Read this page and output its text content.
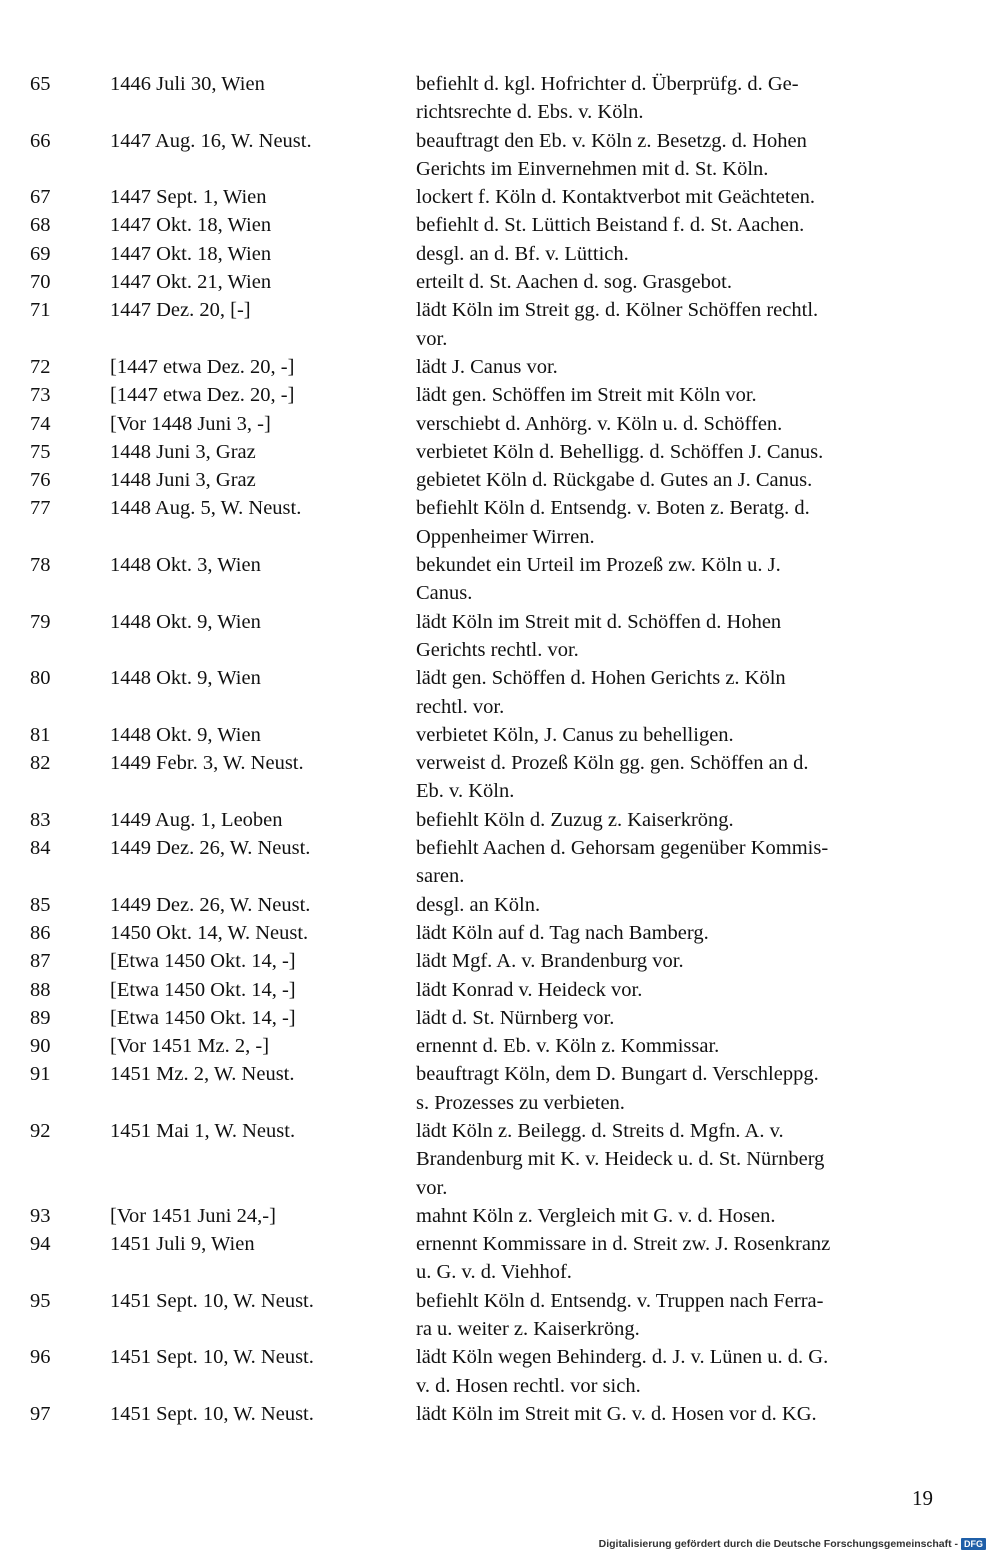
65	1446 Juli 30, Wien	befiehlt d. kgl. Hofrichter d. Überprüfg. d. Ge-
richtsrechte d. Ebs. v. Köln.
66	1447 Aug. 16, W. Neust.	beauftragt den Eb. v. Köln z. Besetzg. d. Hohen
Gerichts im Einvernehmen mit d. St. Köln.
67	1447 Sept. 1, Wien	lockert f. Köln d. Kontaktverbot mit Geächteten.
68	1447 Okt. 18, Wien	befiehlt d. St. Lüttich Beistand f. d. St. Aachen.
69	1447 Okt. 18, Wien	desgl. an d. Bf. v. Lüttich.
70	1447 Okt. 21, Wien	erteilt d. St. Aachen d. sog. Grasgebot.
71	1447 Dez. 20, [-]	lädt Köln im Streit gg. d. Kölner Schöffen rechtl.
vor.
72	[1447 etwa Dez. 20, -]	lädt J. Canus vor.
73	[1447 etwa Dez. 20, -]	lädt gen. Schöffen im Streit mit Köln vor.
74	[Vor 1448 Juni 3, -]	verschiebt d. Anhörg. v. Köln u. d. Schöffen.
75	1448 Juni 3, Graz	verbietet Köln d. Behelligg. d. Schöffen J. Canus.
76	1448 Juni 3, Graz	gebietet Köln d. Rückgabe d. Gutes an J. Canus.
77	1448 Aug. 5, W. Neust.	befiehlt Köln d. Entsendg. v. Boten z. Beratg. d.
Oppenheimer Wirren.
78	1448 Okt. 3, Wien	bekundet ein Urteil im Prozeß zw. Köln u. J.
Canus.
79	1448 Okt. 9, Wien	lädt Köln im Streit mit d. Schöffen d. Hohen
Gerichts rechtl. vor.
80	1448 Okt. 9, Wien	lädt gen. Schöffen d. Hohen Gerichts z. Köln
rechtl. vor.
81	1448 Okt. 9, Wien	verbietet Köln, J. Canus zu behelligen.
82	1449 Febr. 3, W. Neust.	verweist d. Prozeß Köln gg. gen. Schöffen an d.
Eb. v. Köln.
83	1449 Aug. 1, Leoben	befiehlt Köln d. Zuzug z. Kaiserkröng.
84	1449 Dez. 26, W. Neust.	befiehlt Aachen d. Gehorsam gegenüber Kommis-
saren.
85	1449 Dez. 26, W. Neust.	desgl. an Köln.
86	1450 Okt. 14, W. Neust.	lädt Köln auf d. Tag nach Bamberg.
87	[Etwa 1450 Okt. 14, -]	lädt Mgf. A. v. Brandenburg vor.
88	[Etwa 1450 Okt. 14, -]	lädt Konrad v. Heideck vor.
89	[Etwa 1450 Okt. 14, -]	lädt d. St. Nürnberg vor.
90	[Vor 1451 Mz. 2, -]	ernennt d. Eb. v. Köln z. Kommissar.
91	1451 Mz. 2, W. Neust.	beauftragt Köln, dem D. Bungart d. Verschleppg.
s. Prozesses zu verbieten.
92	1451 Mai 1, W. Neust.	lädt Köln z. Beilegg. d. Streits d. Mgfn. A. v.
Brandenburg mit K. v. Heideck u. d. St. Nürnberg
vor.
93	[Vor 1451 Juni 24,-]	mahnt Köln z. Vergleich mit G. v. d. Hosen.
94	1451 Juli 9, Wien	ernennt Kommissare in d. Streit zw. J. Rosenkranz
u. G. v. d. Viehhof.
95	1451 Sept. 10, W. Neust.	befiehlt Köln d. Entsendg. v. Truppen nach Ferra-
ra u. weiter z. Kaiserkröng.
96	1451 Sept. 10, W. Neust.	lädt Köln wegen Behinderg. d. J. v. Lünen u. d. G.
v. d. Hosen rechtl. vor sich.
97	1451 Sept. 10, W. Neust.	lädt Köln im Streit mit G. v. d. Hosen vor d. KG.
19
Digitalisierung gefördert durch die Deutsche Forschungsgemeinschaft - DFG
